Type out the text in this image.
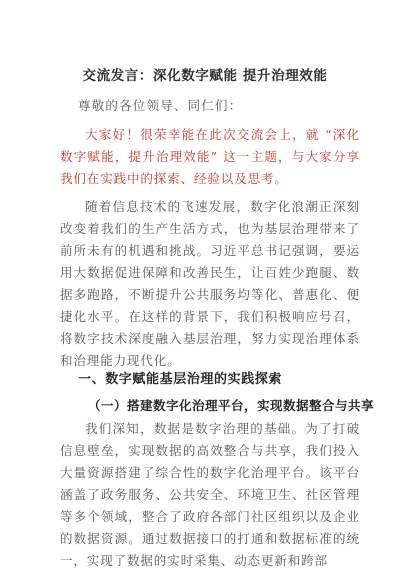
交流发言：深化数字赋能 提升治理效能
尊敬的各位领导、同仁们：

大家好！很荣幸能在此次交流会上，就 “深化数字赋能，提升治理效能” 这一主题，与大家分享我们在实践中的探索、经验以及思考。

随着信息技术的飞速发展，数字化浪潮正深刻改变着我们的生产生活方式，也为基层治理带来了前所未有的机遇和挑战。习近平总书记强调，要运用大数据促进保障和改善民生，让百姓少跑腿、数据多跑路，不断提升公共服务均等化、普惠化、便捷化水平。在这样的背景下，我们积极响应号召，将数字技术深度融入基层治理，努力实现治理体系和治理能力现代化。

一、数字赋能基层治理的实践探索
（一）搭建数字化治理平台，实现数据整合与共享

我们深知，数据是数字治理的基础。为了打破信息壁垒，实现数据的高效整合与共享，我们投入大量资源搭建了综合性的数字化治理平台。该平台涵盖了政务服务、公共安全、环境卫生、社区管理等多个领域，整合了政府各部门社区组织以及企业的数据资源。通过数据接口的打通和数据标准的统一，实现了数据的实时采集、动态更新和跨部
